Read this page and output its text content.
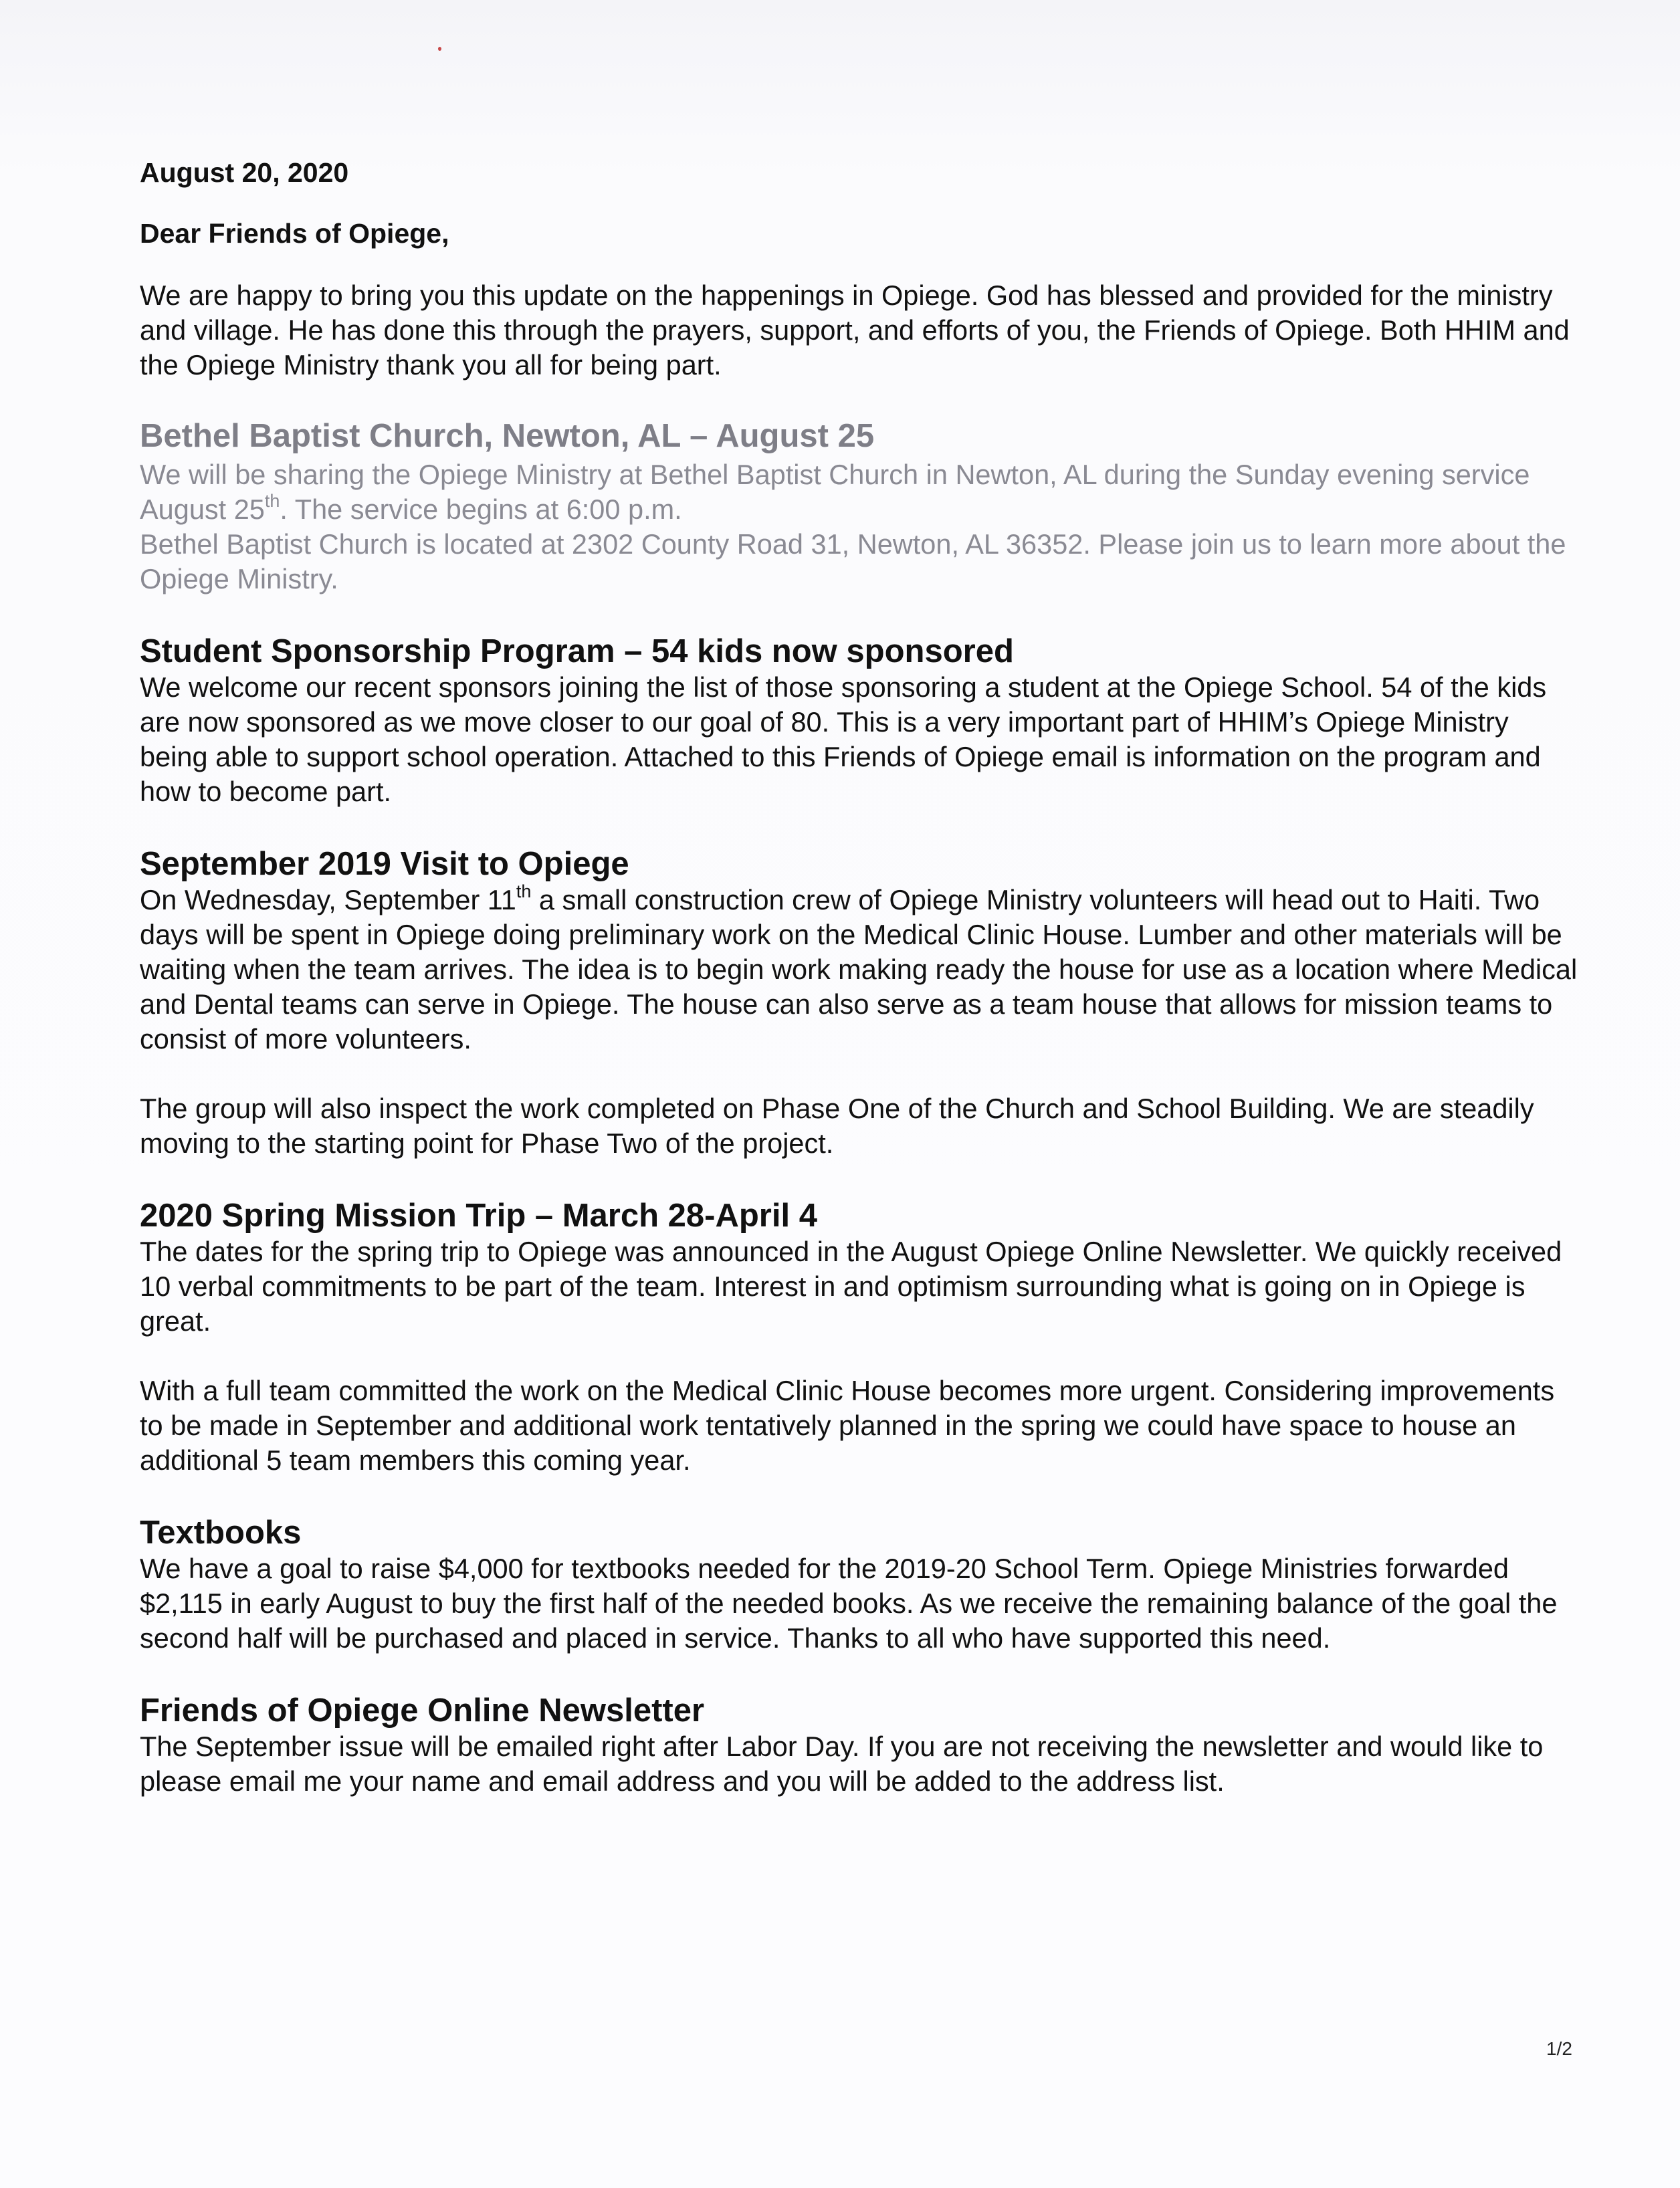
August 20, 2020

Dear Friends of Opiege,

We are happy to bring you this update on the happenings in Opiege. God has blessed and provided for the ministry and village. He has done this through the prayers, support, and efforts of you, the Friends of Opiege. Both HHIM and the Opiege Ministry thank you all for being part.

Bethel Baptist Church, Newton, AL – August 25

We will be sharing the Opiege Ministry at Bethel Baptist Church in Newton, AL during the Sunday evening service August 25th. The service begins at 6:00 p.m.

Bethel Baptist Church is located at 2302 County Road 31, Newton, AL 36352. Please join us to learn more about the Opiege Ministry.

Student Sponsorship Program – 54 kids now sponsored

We welcome our recent sponsors joining the list of those sponsoring a student at the Opiege School. 54 of the kids are now sponsored as we move closer to our goal of 80. This is a very important part of HHIM’s Opiege Ministry being able to support school operation. Attached to this Friends of Opiege email is information on the program and how to become part.

September 2019 Visit to Opiege

On Wednesday, September 11th a small construction crew of Opiege Ministry volunteers will head out to Haiti. Two days will be spent in Opiege doing preliminary work on the Medical Clinic House. Lumber and other materials will be waiting when the team arrives. The idea is to begin work making ready the house for use as a location where Medical and Dental teams can serve in Opiege. The house can also serve as a team house that allows for mission teams to consist of more volunteers.

The group will also inspect the work completed on Phase One of the Church and School Building. We are steadily moving to the starting point for Phase Two of the project.

2020 Spring Mission Trip – March 28-April 4

The dates for the spring trip to Opiege was announced in the August Opiege Online Newsletter. We quickly received 10 verbal commitments to be part of the team. Interest in and optimism surrounding what is going on in Opiege is great.

With a full team committed the work on the Medical Clinic House becomes more urgent. Considering improvements to be made in September and additional work tentatively planned in the spring we could have space to house an additional 5 team members this coming year.

Textbooks

We have a goal to raise $4,000 for textbooks needed for the 2019-20 School Term. Opiege Ministries forwarded $2,115 in early August to buy the first half of the needed books. As we receive the remaining balance of the goal the second half will be purchased and placed in service. Thanks to all who have supported this need.

Friends of Opiege Online Newsletter

The September issue will be emailed right after Labor Day. If you are not receiving the newsletter and would like to please email me your name and email address and you will be added to the address list.

1/2
